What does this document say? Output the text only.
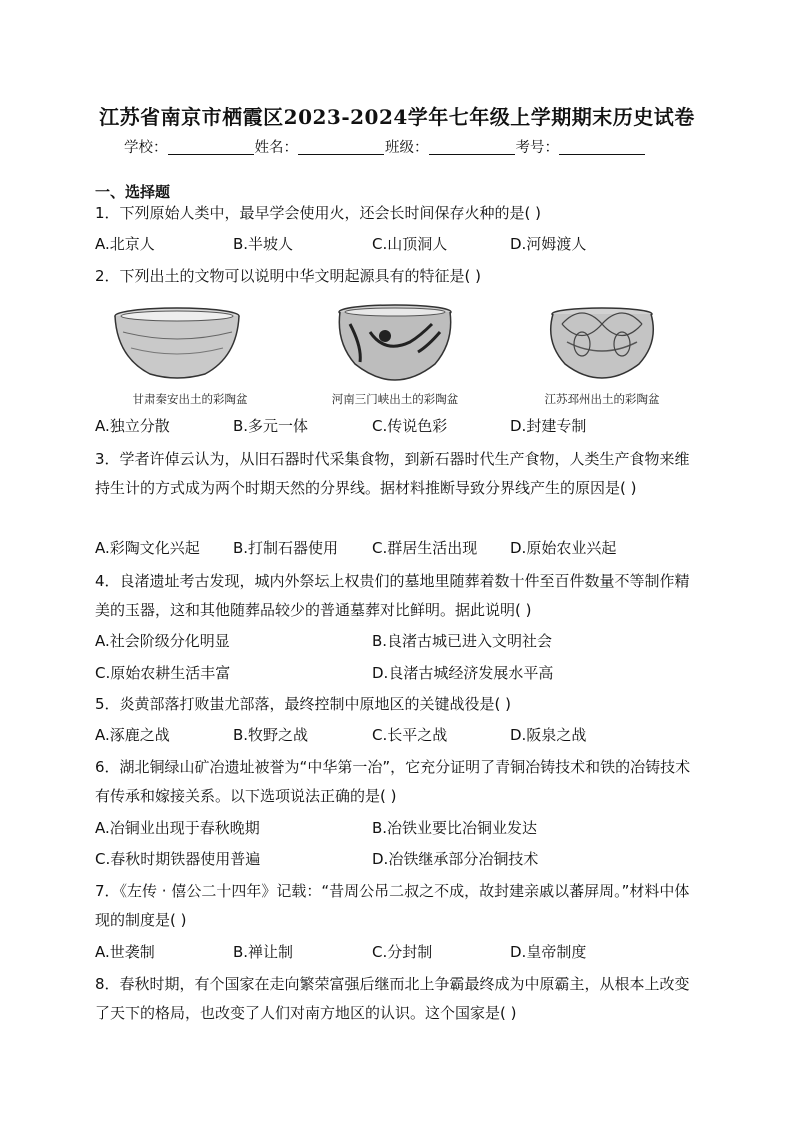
江苏省南京市栖霞区2023-2024学年七年级上学期期末历史试卷
学校：	姓名：	班级：	考号：
一、选择题
1．下列原始人类中，最早学会使用火，还会长时间保存火种的是( )
A.北京人	B.半坡人	C.山顶洞人	D.河姆渡人
2．下列出土的文物可以说明中华文明起源具有的特征是( )
甘肃秦安出土的彩陶盆	河南三门峡出土的彩陶盆	江苏邳州出土的彩陶盆
A.独立分散	B.多元一体	C.传说色彩	D.封建专制
3．学者许倬云认为，从旧石器时代采集食物，到新石器时代生产食物，人类生产食物来维持生计的方式成为两个时期天然的分界线。据材料推断导致分界线产生的原因是( )
A.彩陶文化兴起 B.打制石器使用 C.群居生活出现 D.原始农业兴起
4．良渚遗址考古发现，城内外祭坛上权贵们的墓地里随葬着数十件至百件数量不等制作精美的玉器，这和其他随葬品较少的普通墓葬对比鲜明。据此说明( )
A.社会阶级分化明显	B.良渚古城已进入文明社会
C.原始农耕生活丰富	D.良渚古城经济发展水平高
5．炎黄部落打败蚩尤部落，最终控制中原地区的关键战役是( )
A.涿鹿之战	B.牧野之战	C.长平之战	D.阪泉之战
6．湖北铜绿山矿冶遗址被誉为“中华第一冶”，它充分证明了青铜冶铸技术和铁的冶铸技术有传承和嫁接关系。以下选项说法正确的是( )
A.冶铜业出现于春秋晚期	B.冶铁业要比冶铜业发达
C.春秋时期铁器使用普遍	D.冶铁继承部分冶铜技术
7．《左传 · 僖公二十四年》记载：“昔周公吊二叔之不成，故封建亲戚以蕃屏周。”材料中体现的制度是( )
A.世袭制	B.禅让制	C.分封制	D.皇帝制度
8．春秋时期，有个国家在走向繁荣富强后继而北上争霸最终成为中原霸主，从根本上改变了天下的格局，也改变了人们对南方地区的认识。这个国家是( )
